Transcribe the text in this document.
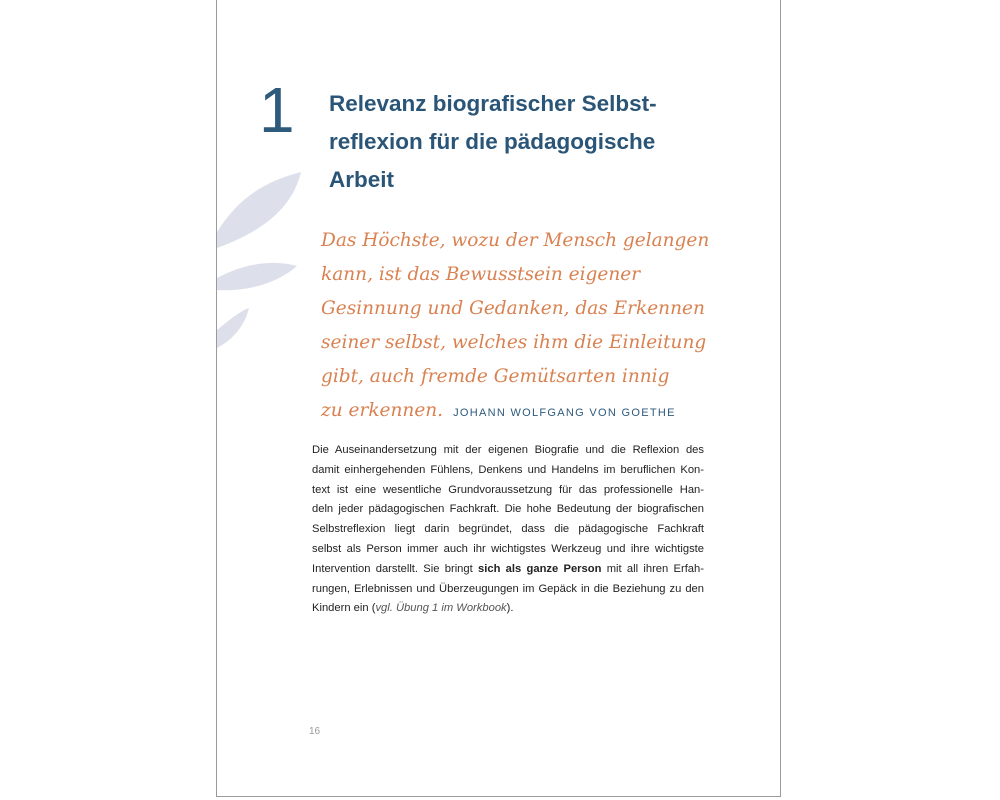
1 Relevanz biografischer Selbst-
reflexion für die pädagogische
Arbeit
Das Höchste, wozu der Mensch gelangen
kann, ist das Bewusstsein eigener
Gesinnung und Gedanken, das Erkennen
seiner selbst, welches ihm die Einleitung
gibt, auch fremde Gemütsarten innig
zu erkennen. JOHANN WOLFGANG VON GOETHE
Die Auseinandersetzung mit der eigenen Biografie und die Reflexion des
damit einhergehenden Fühlens, Denkens und Handelns im beruflichen Kon-
text ist eine wesentliche Grundvoraussetzung für das professionelle Han-
deln jeder pädagogischen Fachkraft. Die hohe Bedeutung der biografischen
Selbstreflexion liegt darin begründet, dass die pädagogische Fachkraft
selbst als Person immer auch ihr wichtigstes Werkzeug und ihre wichtigste
Intervention darstellt. Sie bringt sich als ganze Person mit all ihren Erfah-
rungen, Erlebnissen und Überzeugungen im Gepäck in die Beziehung zu den
Kindern ein (vgl. Übung 1 im Workbook).
16
